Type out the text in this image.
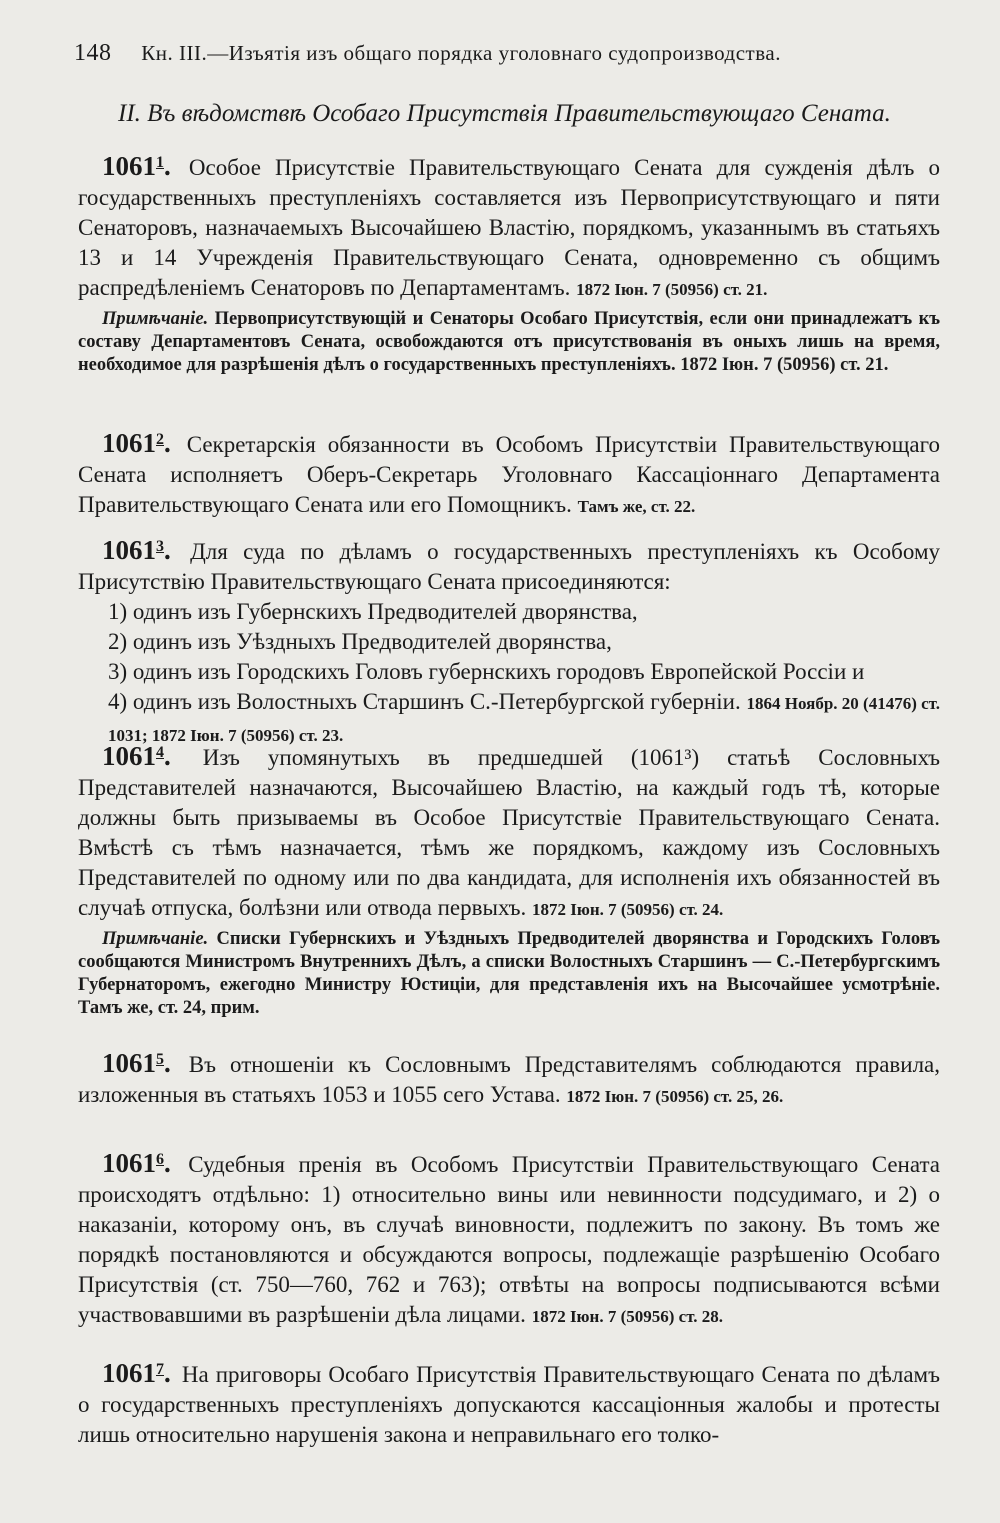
148 Кн. III.—Изъятія изъ общаго порядка уголовнаго судопроизводства.
II. Въ вѣдомствѣ Особаго Присутствія Правительствующаго Сената.
1061$^1$. Особое Присутствіе Правительствующаго Сената для сужденія дѣлъ о государственныхъ преступленіяхъ составляется изъ Первоприсутствующаго и пяти Сенаторовъ, назначаемыхъ Высочайшею Властію, порядкомъ, указаннымъ въ статьяхъ 13 и 14 Учрежденія Правительствующаго Сената, одновременно съ общимъ распредѣленіемъ Сенаторовъ по Департаментамъ. 1872 Іюн. 7 (50956) ст. 21.
Примѣчаніе. Первоприсутствующій и Сенаторы Особаго Присутствія, если они принадлежатъ къ составу Департаментовъ Сената, освобождаются отъ присутствованія въ оныхъ лишь на время, необходимое для разрѣшенія дѣлъ о государственныхъ преступленіяхъ. 1872 Іюн. 7 (50956) ст. 21.
1061$^2$. Секретарскія обязанности въ Особомъ Присутствіи Правительствующаго Сената исполняетъ Оберъ-Секретарь Уголовнаго Кассаціоннаго Департамента Правительствующаго Сената или его Помощникъ. Тамъ же, ст. 22.
1061$^3$. Для суда по дѣламъ о государственныхъ преступленіяхъ къ Особому Присутствію Правительствующаго Сената присоединяются:
1) одинъ изъ Губернскихъ Предводителей дворянства,
2) одинъ изъ Уѣздныхъ Предводителей дворянства,
3) одинъ изъ Городскихъ Головъ губернскихъ городовъ Европейской Россіи и
4) одинъ изъ Волостныхъ Старшинъ С.-Петербургской губерніи. 1864 Ноябр. 20 (41476) ст. 1031; 1872 Іюн. 7 (50956) ст. 23.
1061$^4$. Изъ упомянутыхъ въ предшедшей (1061³) статьѣ Сословныхъ Представителей назначаются, Высочайшею Властію, на каждый годъ тѣ, которые должны быть призываемы въ Особое Присутствіе Правительствующаго Сената. Вмѣстѣ съ тѣмъ назначается, тѣмъ же порядкомъ, каждому изъ Сословныхъ Представителей по одному или по два кандидата, для исполненія ихъ обязанностей въ случаѣ отпуска, болѣзни или отвода первыхъ. 1872 Іюн. 7 (50956) ст. 24.
Примѣчаніе. Списки Губернскихъ и Уѣздныхъ Предводителей дворянства и Городскихъ Головъ сообщаются Министромъ Внутреннихъ Дѣлъ, а списки Волостныхъ Старшинъ — С.-Петербургскимъ Губернаторомъ, ежегодно Министру Юстиціи, для представленія ихъ на Высочайшее усмотрѣніе. Тамъ же, ст. 24, прим.
1061$^5$. Въ отношеніи къ Сословнымъ Представителямъ соблюдаются правила, изложенныя въ статьяхъ 1053 и 1055 сего Устава. 1872 Іюн. 7 (50956) ст. 25, 26.
1061$^6$. Судебныя пренія въ Особомъ Присутствіи Правительствующаго Сената происходятъ отдѣльно: 1) относительно вины или невинности подсудимаго, и 2) о наказаніи, которому онъ, въ случаѣ виновности, подлежитъ по закону. Въ томъ же порядкѣ постановляются и обсуждаются вопросы, подлежащіе разрѣшенію Особаго Присутствія (ст. 750—760, 762 и 763); отвѣты на вопросы подписываются всѣми участвовавшими въ разрѣшеніи дѣла лицами. 1872 Іюн. 7 (50956) ст. 28.
1061$^7$. На приговоры Особаго Присутствія Правительствующаго Сената по дѣламъ о государственныхъ преступленіяхъ допускаются кассаціонныя жалобы и протесты лишь относительно нарушенія закона и неправильнаго его толко-
